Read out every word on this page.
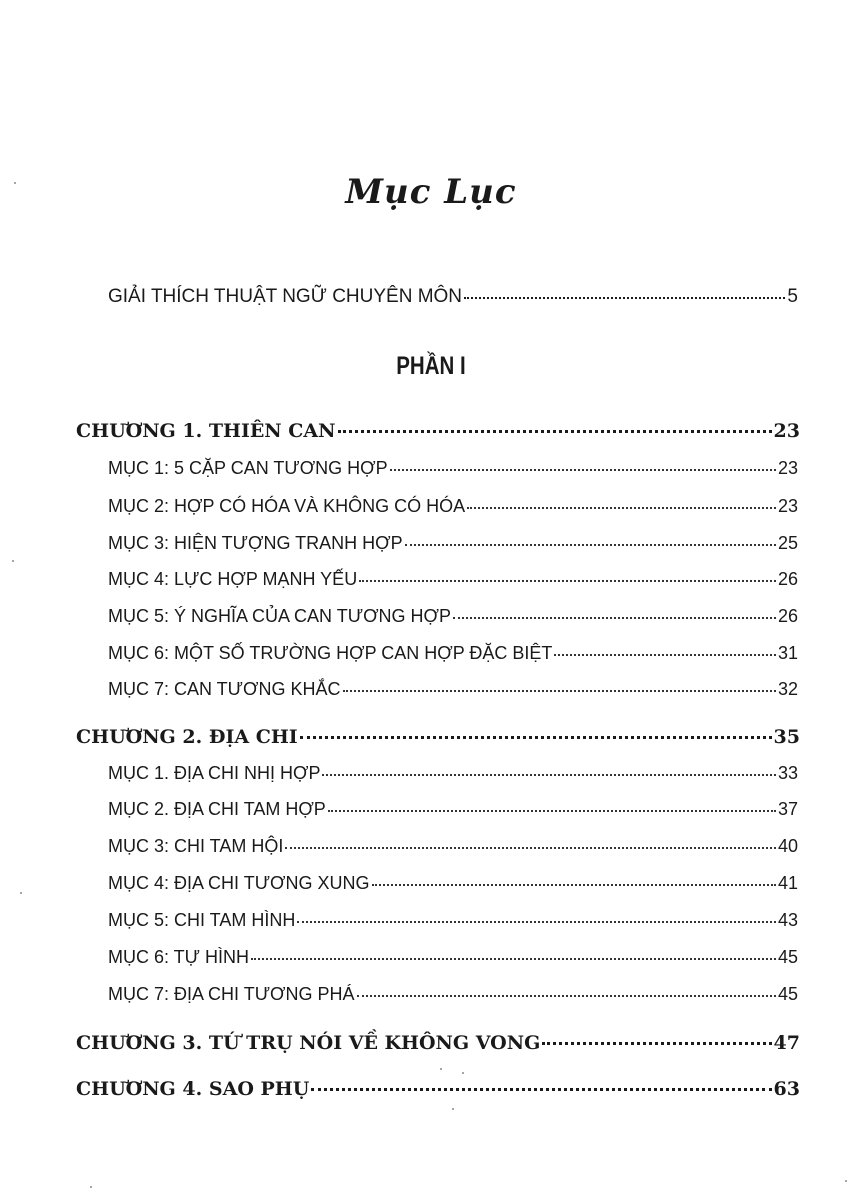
Mục Lục
GIẢI THÍCH THUẬT NGỮ CHUYÊN MÔN	5
PHẦN I
CHƯƠNG 1. THIÊN CAN	23
MỤC 1: 5 CẶP CAN TƯƠNG HỢP	23
MỤC 2: HỢP CÓ HÓA VÀ KHÔNG CÓ HÓA	23
MỤC 3: HIỆN TƯỢNG TRANH HỢP	25
MỤC 4: LỰC HỢP MẠNH YẾU	26
MỤC 5: Ý NGHĨA CỦA CAN TƯƠNG HỢP	26
MỤC 6: MỘT SỐ TRƯỜNG HỢP CAN HỢP ĐẶC BIỆT	31
MỤC 7: CAN TƯƠNG KHẮC	32
CHƯƠNG 2. ĐỊA CHI	35
MỤC 1. ĐỊA CHI NHỊ HỢP	33
MỤC 2. ĐỊA CHI TAM HỢP	37
MỤC 3: CHI TAM HỘI	40
MỤC 4: ĐỊA CHI TƯƠNG XUNG	41
MỤC 5: CHI TAM HÌNH	43
MỤC 6: TỰ HÌNH	45
MỤC 7: ĐỊA CHI TƯƠNG PHÁ	45
CHƯƠNG 3. TỨ TRỤ NÓI VỀ KHÔNG VONG	47
CHƯƠNG 4. SAO PHỤ	63
